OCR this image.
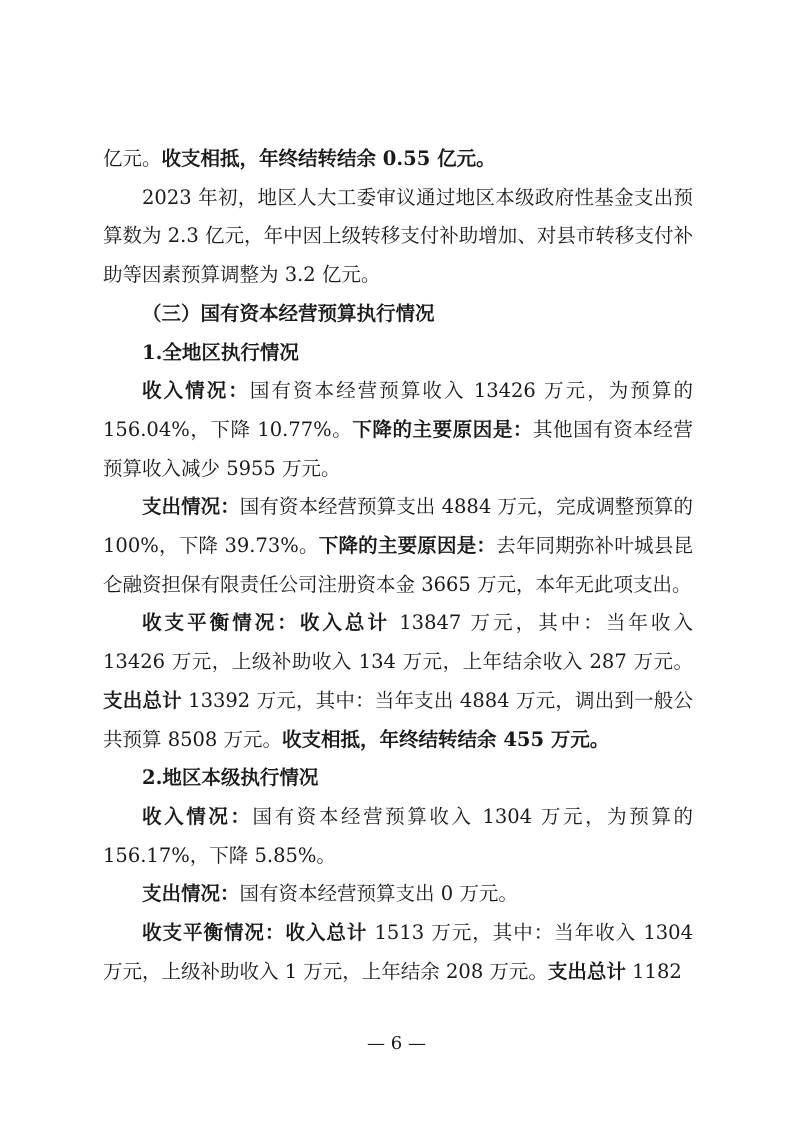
亿元。收支相抵，年终结转结余 0.55 亿元。

2023 年初，地区人大工委审议通过地区本级政府性基金支出预算数为 2.3 亿元，年中因上级转移支付补助增加、对县市转移支付补助等因素预算调整为 3.2 亿元。

（三）国有资本经营预算执行情况

1.全地区执行情况

收入情况：国有资本经营预算收入 13426 万元，为预算的 156.04%，下降 10.77%。下降的主要原因是：其他国有资本经营预算收入减少 5955 万元。

支出情况：国有资本经营预算支出 4884 万元，完成调整预算的 100%，下降 39.73%。下降的主要原因是：去年同期弥补叶城县昆仑融资担保有限责任公司注册资本金 3665 万元，本年无此项支出。

收支平衡情况：收入总计 13847 万元，其中：当年收入 13426 万元，上级补助收入 134 万元，上年结余收入 287 万元。支出总计 13392 万元，其中：当年支出 4884 万元，调出到一般公共预算 8508 万元。收支相抵，年终结转结余 455 万元。

2.地区本级执行情况

收入情况：国有资本经营预算收入 1304 万元，为预算的 156.17%，下降 5.85%。

支出情况：国有资本经营预算支出 0 万元。

收支平衡情况：收入总计 1513 万元，其中：当年收入 1304 万元，上级补助收入 1 万元，上年结余 208 万元。支出总计 1182

— 6 —
